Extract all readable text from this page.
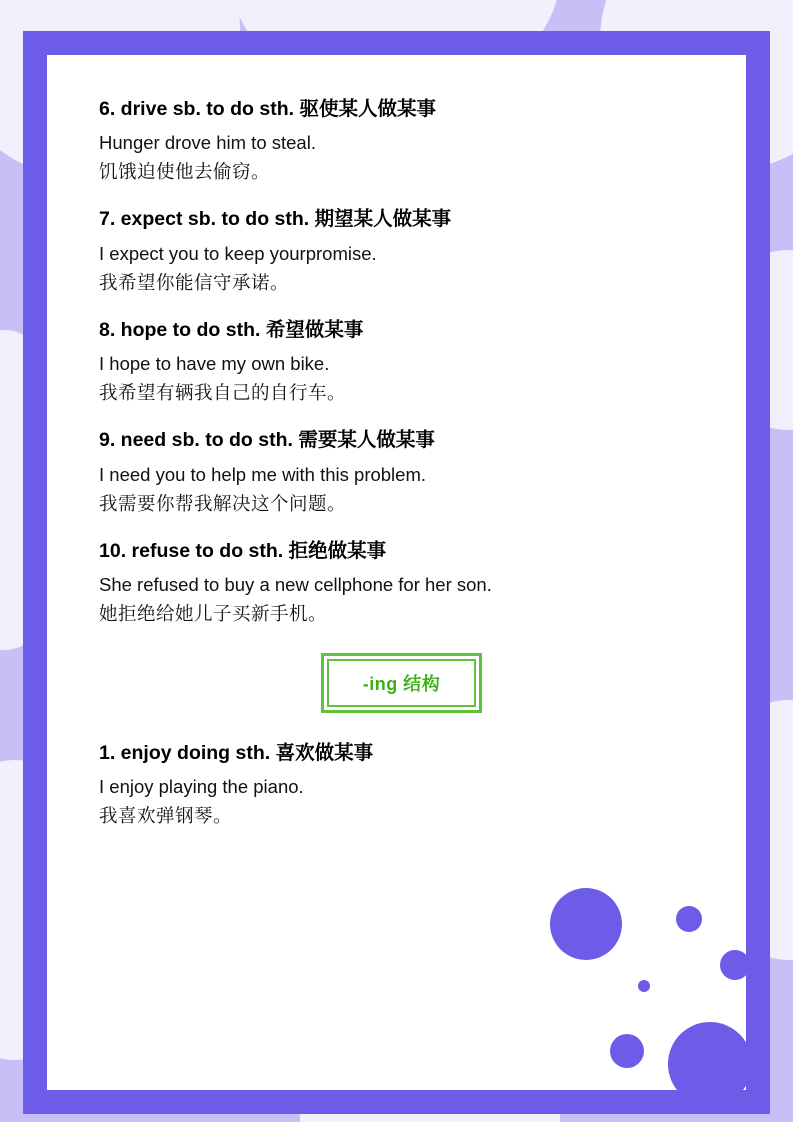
6. drive sb. to do sth. 驱使某人做某事

Hunger drove him to steal.

饥饿迫使他去偷窃。

7. expect sb. to do sth. 期望某人做某事

I expect you to keep yourpromise.

我希望你能信守承诺。

8. hope to do sth. 希望做某事

I hope to have my own bike.

我希望有辆我自己的自行车。

9. need sb. to do sth. 需要某人做某事

I need you to help me with this problem.

我需要你帮我解决这个问题。

10. refuse to do sth. 拒绝做某事

She refused to buy a new cellphone for her son.

她拒绝给她儿子买新手机。

-ing 结构

1. enjoy doing sth. 喜欢做某事

I enjoy playing the piano.

我喜欢弹钢琴。
